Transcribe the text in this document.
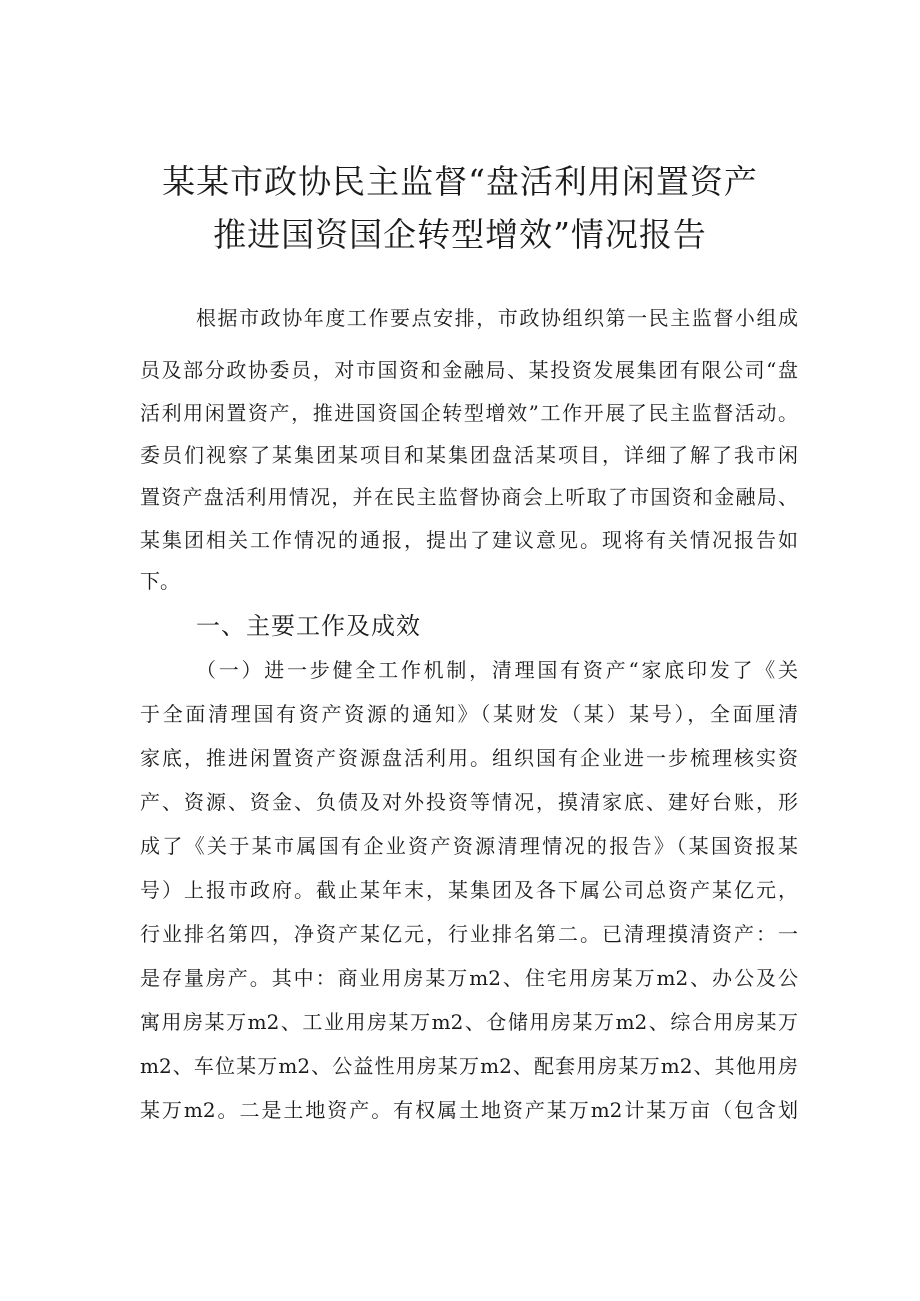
某某市政协民主监督“盘活利用闲置资产
推进国资国企转型增效”情况报告
根据市政协年度工作要点安排，市政协组织第一民主监督小组成
员及部分政协委员，对市国资和金融局、某投资发展集团有限公司“盘
活利用闲置资产，推进国资国企转型增效”工作开展了民主监督活动。
委员们视察了某集团某项目和某集团盘活某项目，详细了解了我市闲
置资产盘活利用情况，并在民主监督协商会上听取了市国资和金融局、
某集团相关工作情况的通报，提出了建议意见。现将有关情况报告如
下。
一、主要工作及成效
（一）进一步健全工作机制，清理国有资产“家底印发了《关
于全面清理国有资产资源的通知》（某财发（某）某号），全面厘清
家底，推进闲置资产资源盘活利用。组织国有企业进一步梳理核实资
产、资源、资金、负债及对外投资等情况，摸清家底、建好台账，形
成了《关于某市属国有企业资产资源清理情况的报告》（某国资报某
号）上报市政府。截止某年末，某集团及各下属公司总资产某亿元，
行业排名第四，净资产某亿元，行业排名第二。已清理摸清资产：一
是存量房产。其中：商业用房某万m2、住宅用房某万m2、办公及公
寓用房某万m2、工业用房某万m2、仓储用房某万m2、综合用房某万
m2、车位某万m2、公益性用房某万m2、配套用房某万m2、其他用房
某万m2。二是土地资产。有权属土地资产某万m2计某万亩（包含划
